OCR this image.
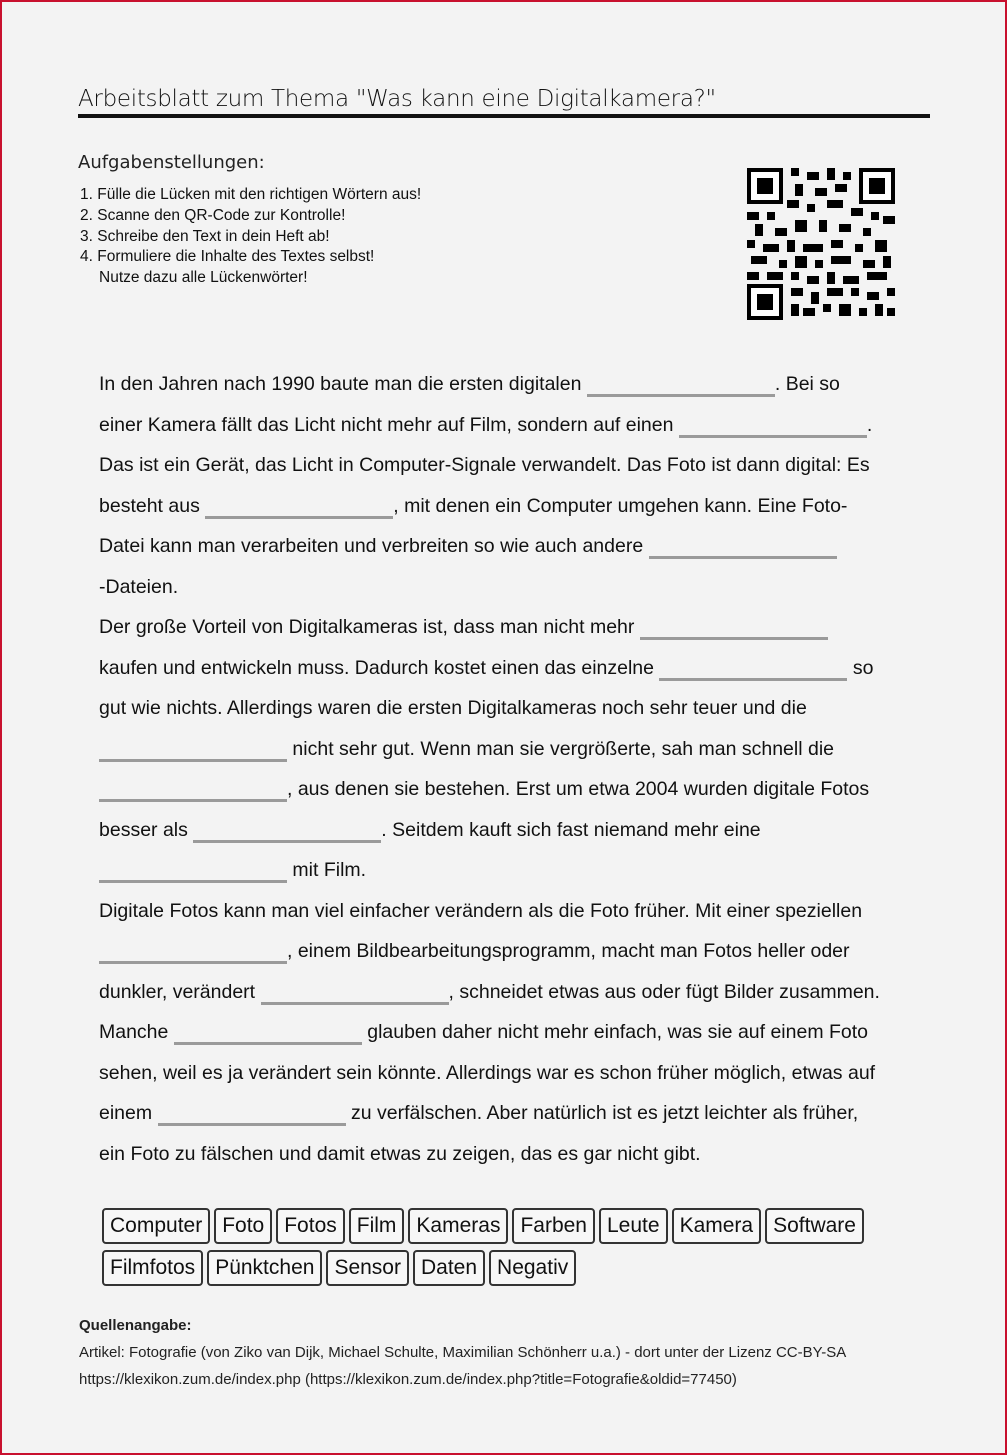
Arbeitsblatt zum Thema "Was kann eine Digitalkamera?"
Aufgabenstellungen:
1. Fülle die Lücken mit den richtigen Wörtern aus!
2. Scanne den QR-Code zur Kontrolle!
3. Schreibe den Text in dein Heft ab!
4. Formuliere die Inhalte des Textes selbst!
Nutze dazu alle Lückenwörter!
In den Jahren nach 1990 baute man die ersten digitalen	. Bei so
einer Kamera fällt das Licht nicht mehr auf Film, sondern auf einen	.
Das ist ein Gerät, das Licht in Computer-Signale verwandelt. Das Foto ist dann digital: Es
besteht aus	, mit denen ein Computer umgehen kann. Eine Foto-
Datei kann man verarbeiten und verbreiten so wie auch andere
-Dateien.
Der große Vorteil von Digitalkameras ist, dass man nicht mehr
kaufen und entwickeln muss. Dadurch kostet einen das einzelne	so
gut wie nichts. Allerdings waren die ersten Digitalkameras noch sehr teuer und die
nicht sehr gut. Wenn man sie vergrößerte, sah man schnell die
, aus denen sie bestehen. Erst um etwa 2004 wurden digitale Fotos
besser als	. Seitdem kauft sich fast niemand mehr eine
mit Film.
Digitale Fotos kann man viel einfacher verändern als die Foto früher. Mit einer speziellen
, einem Bildbearbeitungsprogramm, macht man Fotos heller oder
dunkler, verändert	, schneidet etwas aus oder fügt Bilder zusammen.
Manche	glauben daher nicht mehr einfach, was sie auf einem Foto
sehen, weil es ja verändert sein könnte. Allerdings war es schon früher möglich, etwas auf
einem	zu verfälschen. Aber natürlich ist es jetzt leichter als früher,
ein Foto zu fälschen und damit etwas zu zeigen, das es gar nicht gibt.
Computer Foto Fotos Film Kameras Farben Leute Kamera Software
Filmfotos Pünktchen Sensor Daten Negativ
Quellenangabe:
Artikel: Fotografie (von Ziko van Dijk, Michael Schulte, Maximilian Schönherr u.a.) - dort unter der Lizenz CC-BY-SA
https://klexikon.zum.de/index.php (https://klexikon.zum.de/index.php?title=Fotografie&oldid=77450)
